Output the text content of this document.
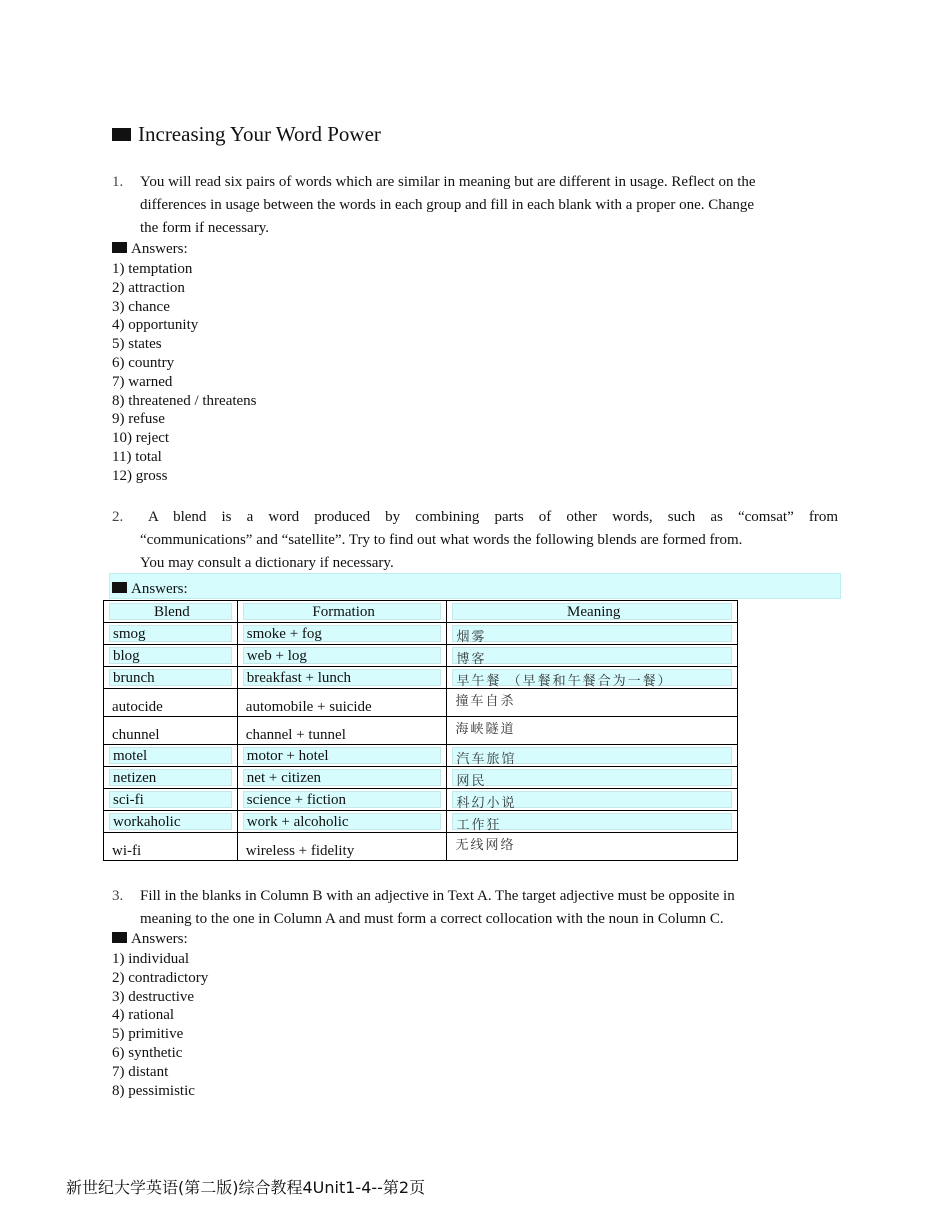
Increasing Your Word Power
1. You will read six pairs of words which are similar in meaning but are different in usage. Reflect on the
differences in usage between the words in each group and fill in each blank with a proper one. Change
the form if necessary.
Answers:
1) temptation
2) attraction
3) chance
4) opportunity
5) states
6) country
7) warned
8) threatened / threatens
9) refuse
10) reject
11) total
12) gross
2. A blend is a word produced by combining parts of other words, such as “comsat” from
“communications” and “satellite”. Try to find out what words the following blends are formed from.
You may consult a dictionary if necessary.
Answers:
Blend	Formation	Meaning

smog	smoke + fog	烟雾

blog	web + log	博客

brunch	breakfast + lunch	早午餐 （早餐和午餐合为一餐）

autocide	automobile + suicide	撞车自杀

chunnel	channel + tunnel	海峡隧道

motel	motor + hotel	汽车旅馆

netizen	net + citizen	网民

sci-fi	science + fiction	科幻小说

workaholic	work + alcoholic	工作狂

wi-fi	wireless + fidelity	无线网络
3. Fill in the blanks in Column B with an adjective in Text A. The target adjective must be opposite in
meaning to the one in Column A and must form a correct collocation with the noun in Column C.
Answers:
1) individual
2) contradictory
3) destructive
4) rational
5) primitive
6) synthetic
7) distant
8) pessimistic
新世纪大学英语(第二版)综合教程4Unit1-4--第2页
